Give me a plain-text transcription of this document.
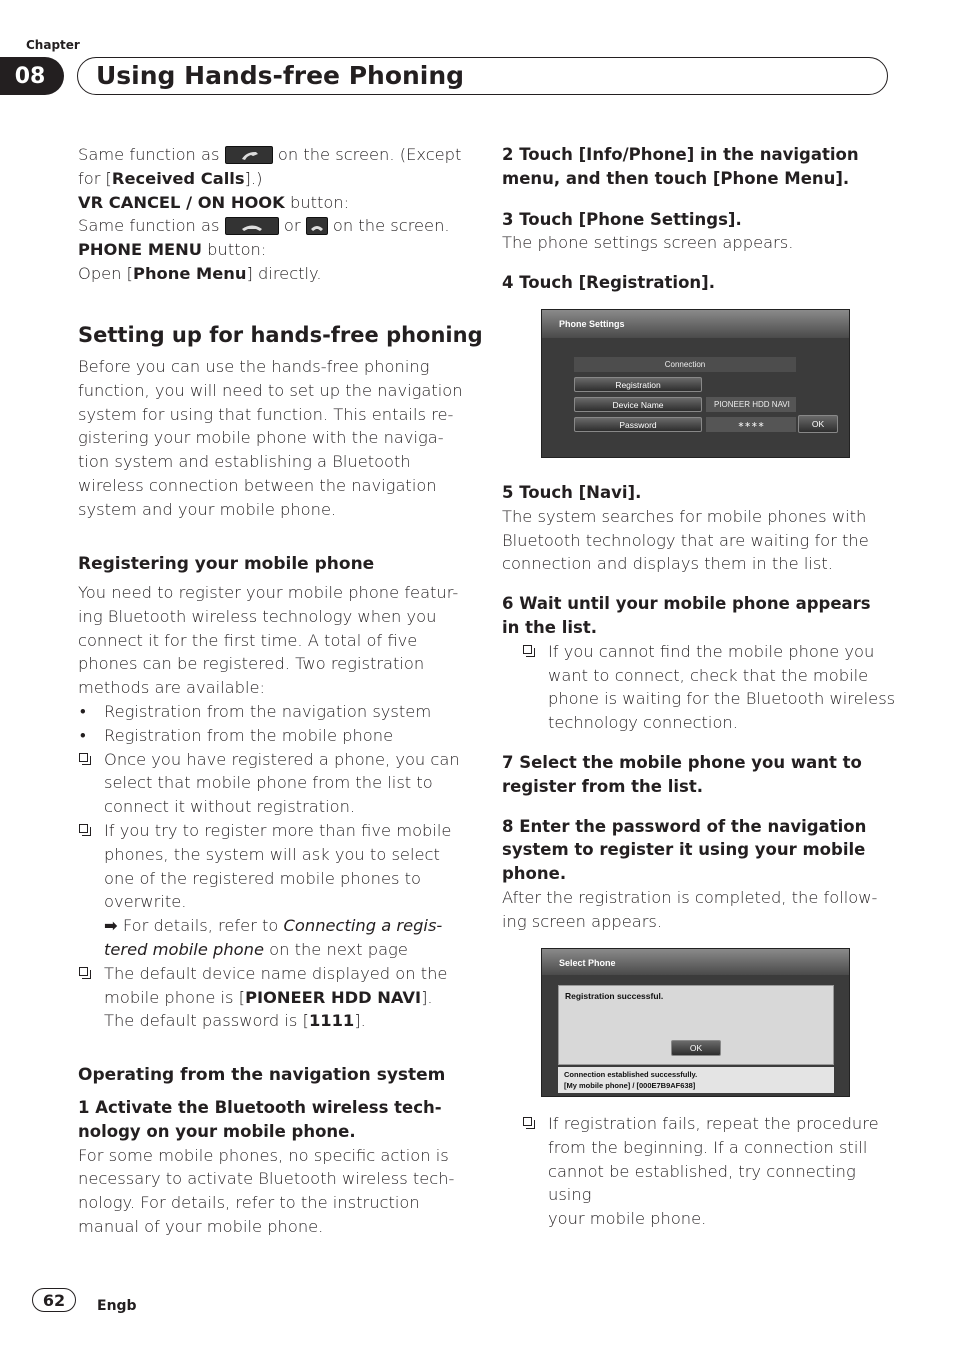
Chapter
08	Using Hands-free Phoning

Same function as	on the screen. (Except

for [Received Calls].)

VR CANCEL / ON HOOK button:

Same function as	or on the screen.

PHONE MENU button:

Open [Phone Menu] directly.

Setting up for hands-free phoning

Before you can use the hands-free phoning

function, you will need to set up the navigation

system for using that function. This entails re-

gistering your mobile phone with the naviga-

tion system and establishing a Bluetooth

wireless connection between the navigation

system and your mobile phone.

Registering your mobile phone

You need to register your mobile phone featur-

ing Bluetooth wireless technology when you

connect it for the first time. A total of five

phones can be registered. Two registration

methods are available:

• Registration from the navigation system

• Registration from the mobile phone

Once you have registered a phone, you can

select that mobile phone from the list to

connect it without registration.

If you try to register more than five mobile

phones, the system will ask you to select

one of the registered mobile phones to

overwrite.

➡ For details, refer to Connecting a regis-

tered mobile phone on the next page

The default device name displayed on the

mobile phone is [PIONEER HDD NAVI].

The default password is [1111].

Operating from the navigation system

1 Activate the Bluetooth wireless tech-

nology on your mobile phone.

For some mobile phones, no specific action is

necessary to activate Bluetooth wireless tech-

nology. For details, refer to the instruction

manual of your mobile phone.

2 Touch [Info/Phone] in the navigation

menu, and then touch [Phone Menu].

3 Touch [Phone Settings].

The phone settings screen appears.

4 Touch [Registration].

Phone Settings
Connection
Registration
Device Name	PIONEER HDD NAVI
Password	∗∗∗∗	OK

5 Touch [Navi].

The system searches for mobile phones with

Bluetooth technology that are waiting for the

connection and displays them in the list.

6 Wait until your mobile phone appears

in the list.

If you cannot find the mobile phone you

want to connect, check that the mobile

phone is waiting for the Bluetooth wireless

technology connection.

7 Select the mobile phone you want to

register from the list.

8 Enter the password of the navigation

system to register it using your mobile

phone.

After the registration is completed, the follow-

ing screen appears.

Select Phone
Registration successful.
OK
Connection established successfully.
[My mobile phone] / [000E7B9AF638]

If registration fails, repeat the procedure

from the beginning. If a connection still

cannot be established, try connecting using

your mobile phone.

62	Engb
